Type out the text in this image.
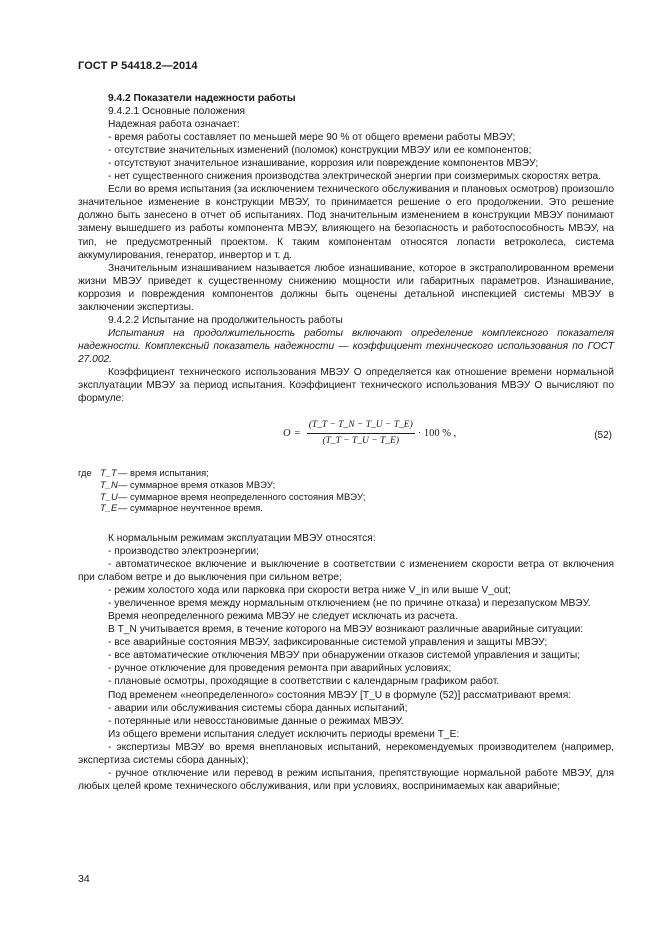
ГОСТ Р 54418.2—2014

9.4.2 Показатели надежности работы

9.4.2.1 Основные положения

Надежная работа означает:

- время работы составляет по меньшей мере 90 % от общего времени работы МВЭУ;

- отсутствие значительных изменений (поломок) конструкции МВЭУ или ее компонентов;

- отсутствуют значительное изнашивание, коррозия или повреждение компонентов МВЭУ;

- нет существенного снижения производства электрической энергии при соизмеримых скоростях ветра.

Если во время испытания (за исключением технического обслуживания и плановых осмотров) произошло значительное изменение в конструкции МВЭУ, то принимается решение о его продолжении. Это решение должно быть занесено в отчет об испытаниях. Под значительным изменением в конструкции МВЭУ понимают замену вышедшего из работы компонента МВЭУ, влияющего на безопасность и работоспособность МВЭУ, на тип, не предусмотренный проектом. К таким компонентам относятся лопасти ветроколеса, система аккумулирования, генератор, инвертор и т. д.

Значительным изнашиванием называется любое изнашивание, которое в экстраполированном времени жизни МВЭУ приведет к существенному снижению мощности или габаритных параметров. Изнашивание, коррозия и повреждения компонентов должны быть оценены детальной инспекцией системы МВЭУ в заключении экспертизы.

9.4.2.2 Испытание на продолжительность работы

Испытания на продолжительность работы включают определение комплексного показателя надежности. Комплексный показатель надежности — коэффициент технического использования по ГОСТ 27.002.

Коэффициент технического использования МВЭУ О определяется как отношение времени нормальной эксплуатации МВЭУ за период испытания. Коэффициент технического использования МВЭУ О вычисляют по формуле:

$O = \frac{(T\_T - T\_N - T\_U - T\_E)}{(T\_T - T\_U - T\_E)} \cdot 100$ % ,	(52)
где T_T — время испытания;
T_N — суммарное время отказов МВЭУ;
T_U — суммарное время неопределенного состояния МВЭУ;
T_E — суммарное неучтенное время.

К нормальным режимам эксплуатации МВЭУ относятся:

- производство электроэнергии;

- автоматическое включение и выключение в соответствии с изменением скорости ветра от включения при слабом ветре и до выключения при сильном ветре;

- режим холостого хода или парковка при скорости ветра ниже V_in или выше V_out;

- увеличенное время между нормальным отключением (не по причине отказа) и перезапуском МВЭУ.

Время неопределенного режима МВЭУ не следует исключать из расчета.

В T_N учитывается время, в течение которого на МВЭУ возникают различные аварийные ситуации:

- все аварийные состояния МВЭУ, зафиксированные системой управления и защиты МВЭУ;

- все автоматические отключения МВЭУ при обнаружении отказов системой управления и защиты;

- ручное отключение для проведения ремонта при аварийных условиях;

- плановые осмотры, проходящие в соответствии с календарным графиком работ.

Под временем «неопределенного» состояния МВЭУ [T_U в формуле (52)] рассматривают время:

- аварии или обслуживания системы сбора данных испытаний;

- потерянные или невосстановимые данные о режимах МВЭУ.

Из общего времени испытания следует исключить периоды времени T_E:

- экспертизы МВЭУ во время внеплановых испытаний, нерекомендуемых производителем (например, экспертиза системы сбора данных);

- ручное отключение или перевод в режим испытания, препятствующие нормальной работе МВЭУ, для любых целей кроме технического обслуживания, или при условиях, воспринимаемых как аварийные;

34
